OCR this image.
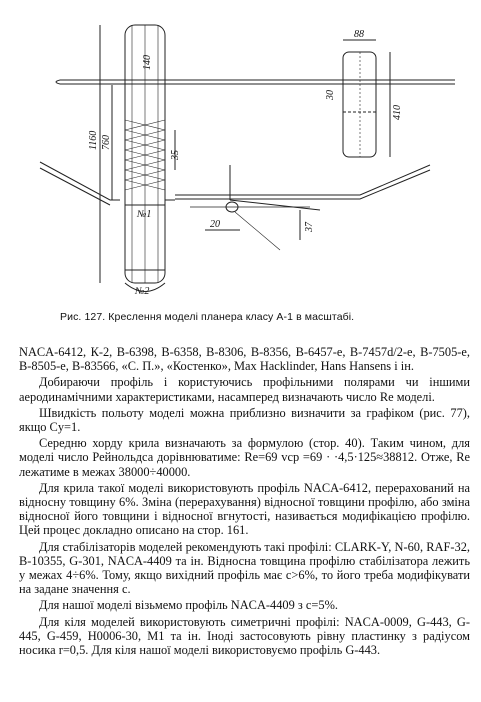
88
30
410
1160 760
140
35
20	37
№1
№2
Рис. 127. Креслення моделі планера класу А-1 в масштабі.

NACA-6412, К-2, В-6398, В-6358, В-8306, В-8356, В-6457-е, В-7457d/2-е, В-7505-е, В-8505-е, В-83566, «С. П.», «Костенко», Max Hacklinder, Hans Hansens і ін.

Добираючи профіль і користуючись профільними полярами чи іншими аеродинамічними характеристиками, насамперед визначають число Re моделі.

Швидкість польоту моделі можна приблизно визначити за графіком (рис. 77), якщо Cy=1.

Середню хорду крила визначають за формулою (стор. 40). Таким чином, для моделі число Рейнольдса дорівнюватиме: Re=69 vcp =69 · ·4,5·125≈38812. Отже, Re лежатиме в межах 38000÷40000.

Для крила такої моделі використовують профіль NACA-6412, перерахований на відносну товщину 6%. Зміна (перерахування) відносної товщини профілю, або зміна відносної його товщини і відносної вгнутості, називається модифікацією профілю. Цей процес докладно описано на стор. 161.

Для стабілізаторів моделей рекомендують такі профілі: CLARK-Y, N-60, RAF-32, В-10355, G-301, NACA-4409 та ін. Відносна товщина профілю стабілізатора лежить у межах 4÷6%. Тому, якщо вихідний профіль має c>6%, то його треба модифікувати на задане значення c.

Для нашої моделі візьмемо профіль NACA-4409 з c=5%.

Для кіля моделей використовують симетричні профілі: NACA-0009, G-443, G-445, G-459, H0006-30, M1 та ін. Іноді застосовують рівну пластинку з радіусом носика r=0,5. Для кіля нашої моделі використовуємо профіль G-443.
